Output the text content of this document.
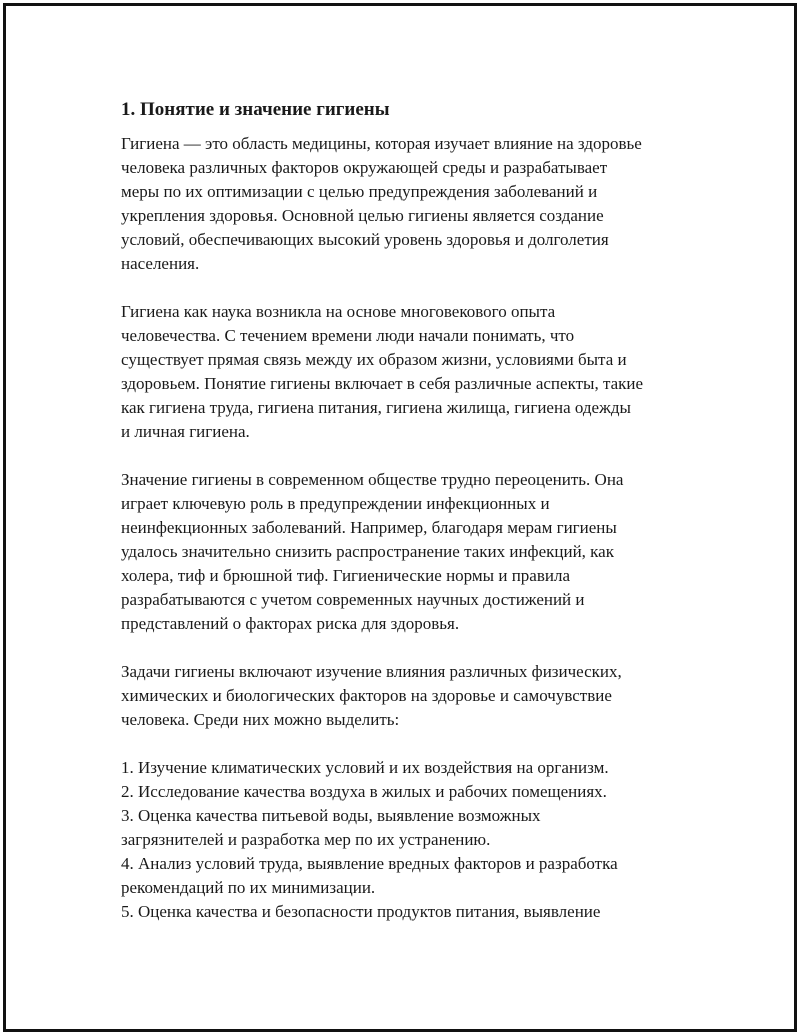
1. Понятие и значение гигиены
Гигиена — это область медицины, которая изучает влияние на здоровье
человека различных факторов окружающей среды и разрабатывает
меры по их оптимизации с целью предупреждения заболеваний и
укрепления здоровья. Основной целью гигиены является создание
условий, обеспечивающих высокий уровень здоровья и долголетия
населения.
Гигиена как наука возникла на основе многовекового опыта
человечества. С течением времени люди начали понимать, что
существует прямая связь между их образом жизни, условиями быта и
здоровьем. Понятие гигиены включает в себя различные аспекты, такие
как гигиена труда, гигиена питания, гигиена жилища, гигиена одежды
и личная гигиена.
Значение гигиены в современном обществе трудно переоценить. Она
играет ключевую роль в предупреждении инфекционных и
неинфекционных заболеваний. Например, благодаря мерам гигиены
удалось значительно снизить распространение таких инфекций, как
холера, тиф и брюшной тиф. Гигиенические нормы и правила
разрабатываются с учетом современных научных достижений и
представлений о факторах риска для здоровья.
Задачи гигиены включают изучение влияния различных физических,
химических и биологических факторов на здоровье и самочувствие
человека. Среди них можно выделить:
1. Изучение климатических условий и их воздействия на организм.
2. Исследование качества воздуха в жилых и рабочих помещениях.
3. Оценка качества питьевой воды, выявление возможных
загрязнителей и разработка мер по их устранению.
4. Анализ условий труда, выявление вредных факторов и разработка
рекомендаций по их минимизации.
5. Оценка качества и безопасности продуктов питания, выявление
